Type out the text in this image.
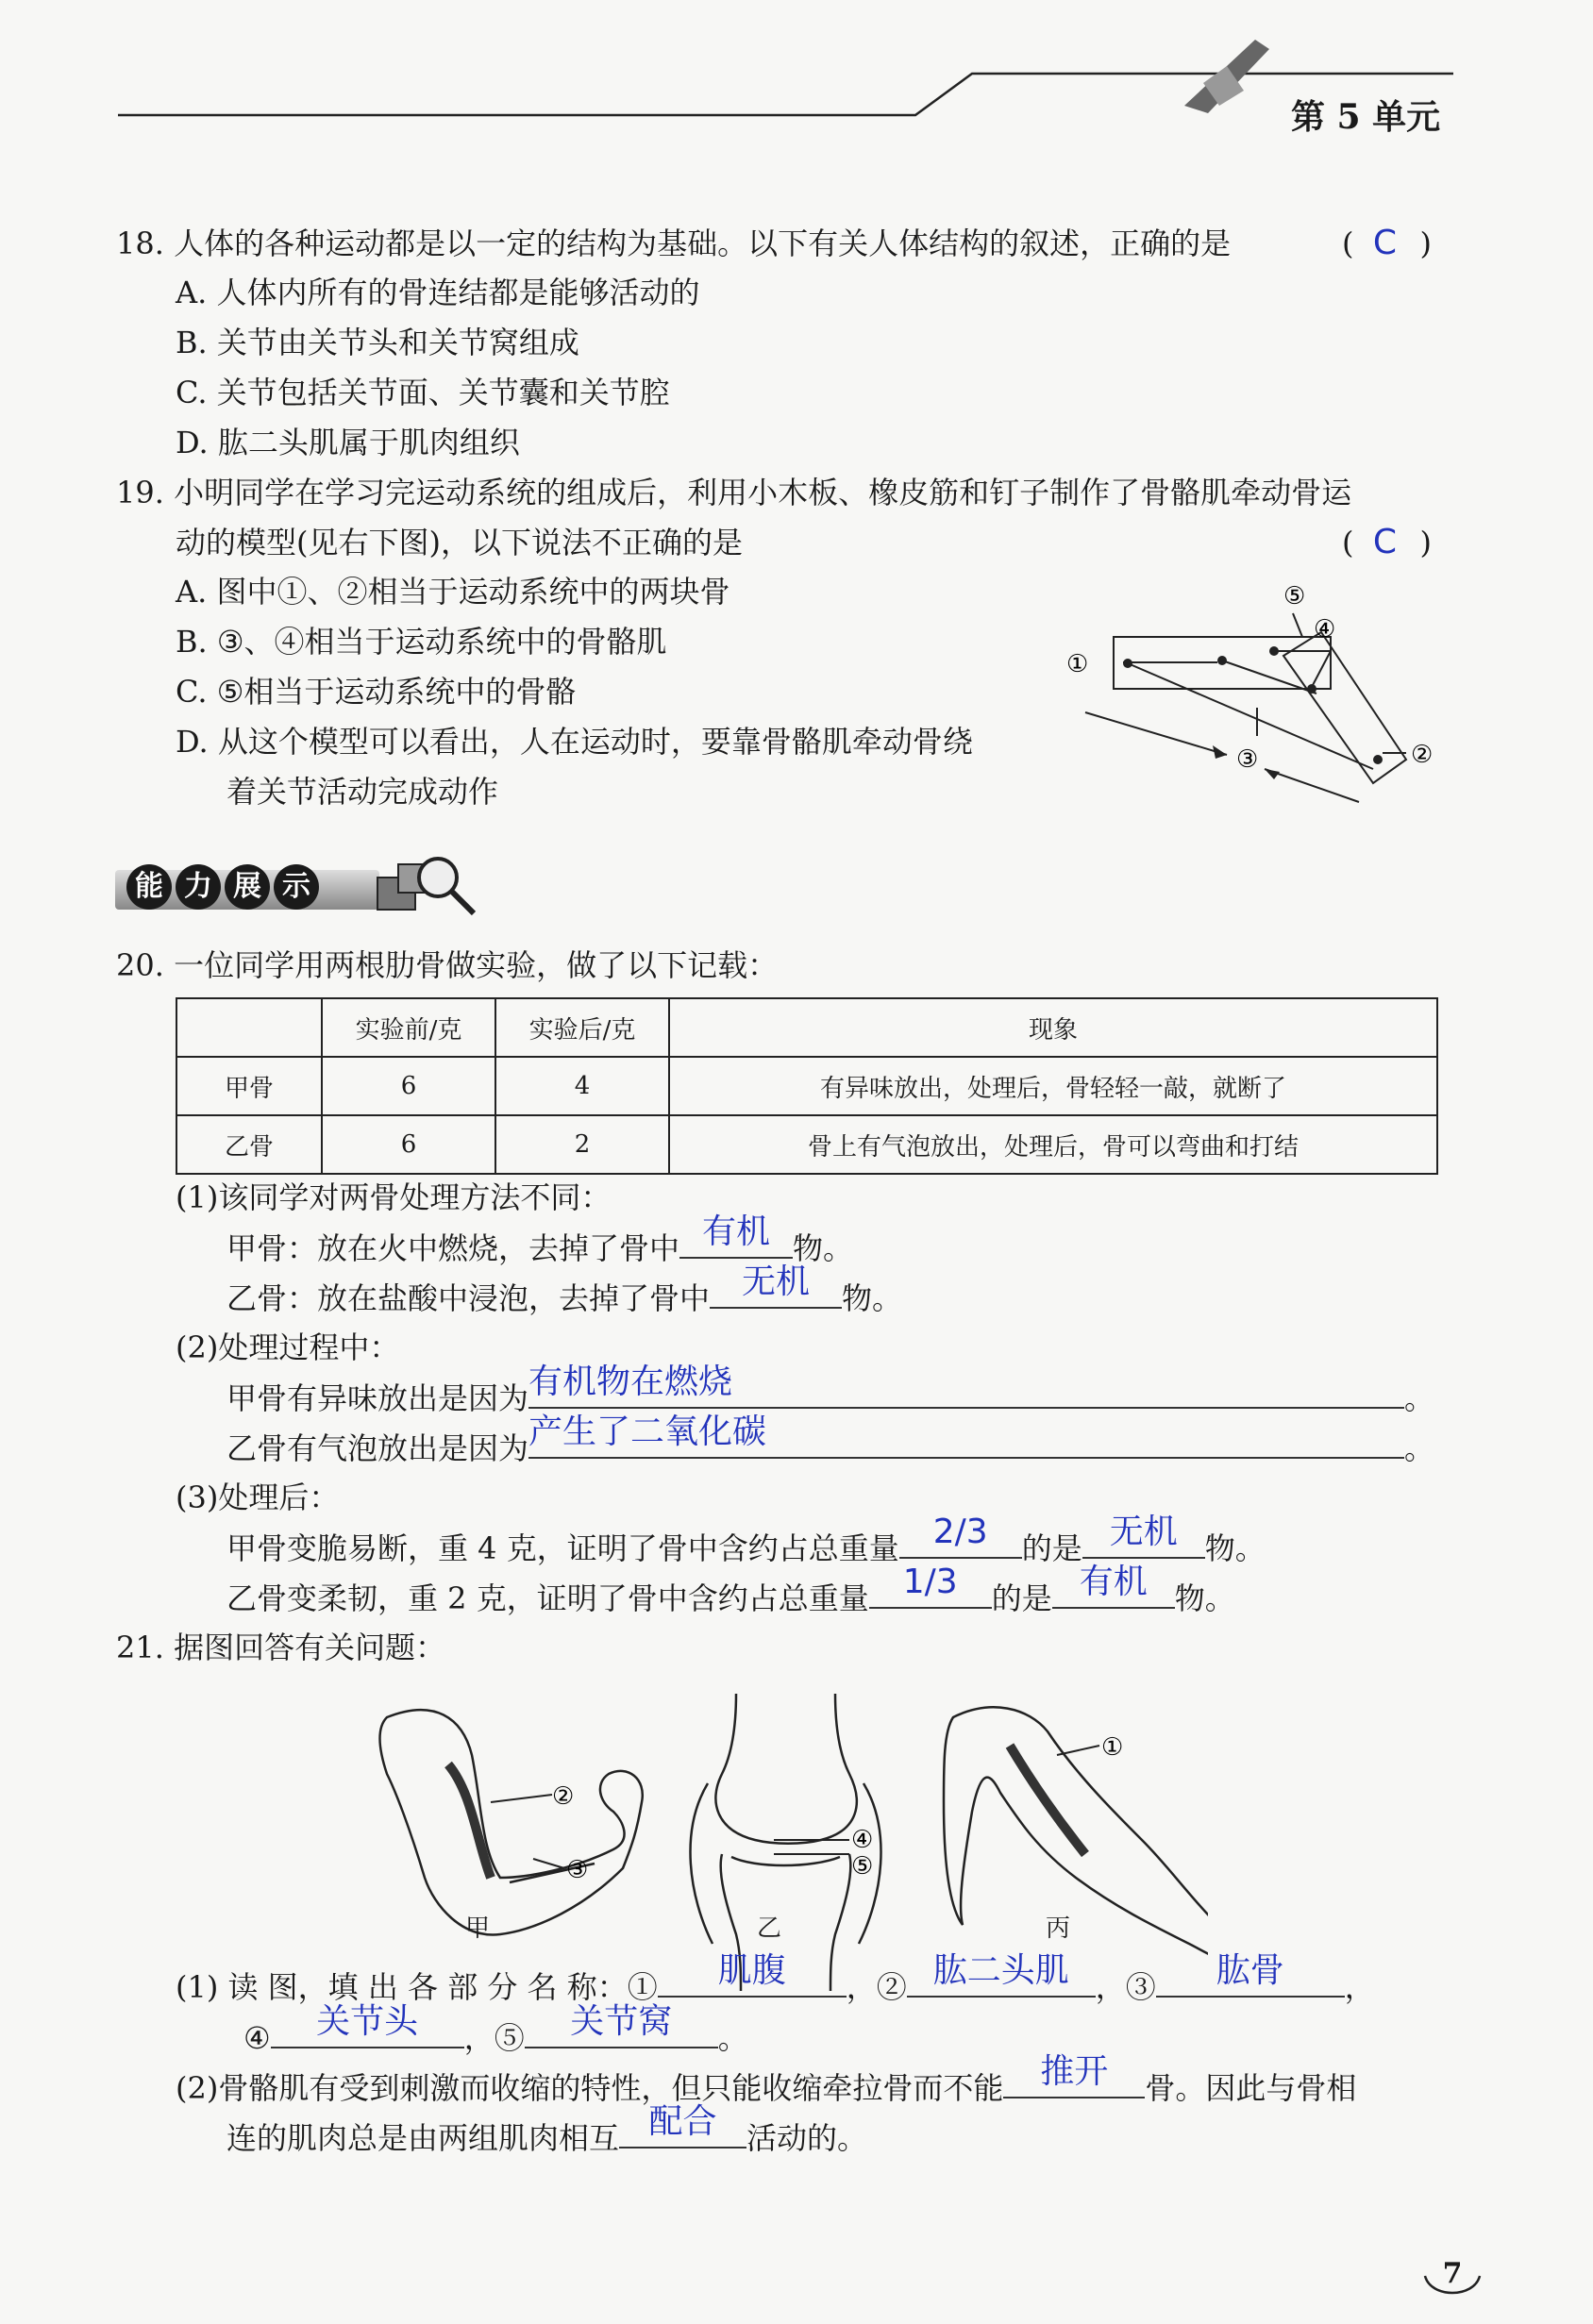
第 5 单元
18. 人体的各种运动都是以一定的结构为基础。以下有关人体结构的叙述，正确的是	( C )
A. 人体内所有的骨连结都是能够活动的
B. 关节由关节头和关节窝组成
C. 关节包括关节面、关节囊和关节腔
D. 肱二头肌属于肌肉组织
19. 小明同学在学习完运动系统的组成后，利用小木板、橡皮筋和钉子制作了骨骼肌牵动骨运
动的模型(见右下图)，以下说法不正确的是	( C )
A. 图中①、②相当于运动系统中的两块骨
B. ③、④相当于运动系统中的骨骼肌
C. ⑤相当于运动系统中的骨骼
D. 从这个模型可以看出，人在运动时，要靠骨骼肌牵动骨绕
着关节活动完成动作
①
②
③
④
⑤
能 力 展 示
20. 一位同学用两根肋骨做实验，做了以下记载：
	实验前/克	实验后/克	现象
甲骨	6	4	有异味放出，处理后，骨轻轻一敲，就断了
乙骨	6	2	骨上有气泡放出，处理后，骨可以弯曲和打结
(1)该同学对两骨处理方法不同：
甲骨：放在火中燃烧，去掉了骨中 有机 物。
乙骨：放在盐酸中浸泡，去掉了骨中 无机	物。
(2)处理过程中：
甲骨有异味放出是因为 有机物在燃烧	。
乙骨有气泡放出是因为 产生了二氧化碳	。
(3)处理后：
甲骨变脆易断，重 4 克，证明了骨中含约占总重量	2/3	的是 无机 物。
乙骨变柔韧，重 2 克，证明了骨中含约占总重量	1/3	的是 有机 物。
21. 据图回答有关问题：
②
③
④
⑤
①
甲	乙	丙
(1) 读 图，填 出 各 部 分 名 称：①	肌腹	，② 肱二头肌 ，③	肱骨	，
④	关节头	，⑤	关节窝	。
(2)骨骼肌有受到刺激而收缩的特性，但只能收缩牵拉骨而不能	推开	骨。因此与骨相
连的肌肉总是由两组肌肉相互 配合 活动的。
7
